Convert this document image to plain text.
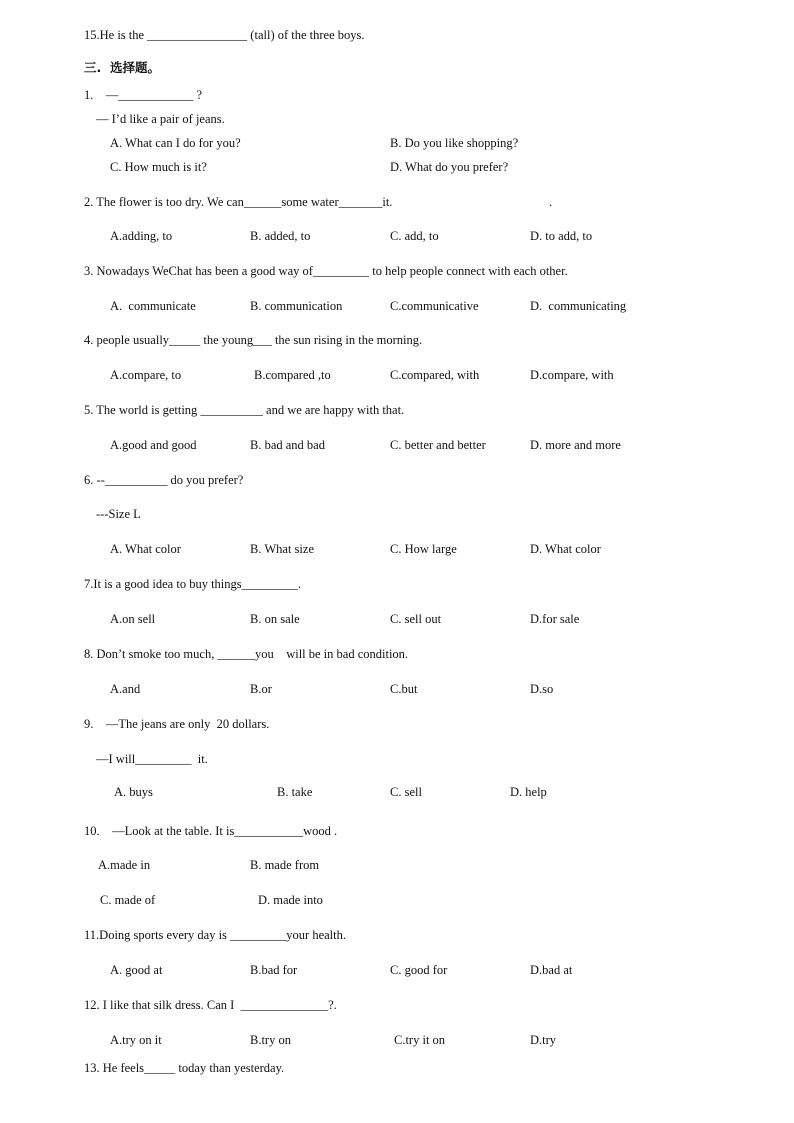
15.He is the ________________ (tall) of the three boys.
三.  选择题。
1.    —____________ ?
— I’d like a pair of jeans.
A. What can I do for you?	B. Do you like shopping?
C. How much is it?	D. What do you prefer?
2. The flower is too dry. We can______some water_______it.	.
A.adding, to	B. added, to	C. add, to	D. to add, to
3. Nowadays WeChat has been a good way of_________ to help people connect with each other.
A.  communicate	B. communication	C.communicative	D.  communicating
4. people usually_____ the young___ the sun rising in the morning.
A.compare, to	B.compared ,to	C.compared, with	D.compare, with
5. The world is getting __________ and we are happy with that.
A.good and good	B. bad and bad	C. better and better	D. more and more
6. --__________ do you prefer?
---Size L
A. What color	B. What size	C. How large	D. What color
7.It is a good idea to buy things_________.
A.on sell	B. on sale	C. sell out	D.for sale
8. Don’t smoke too much, ______you    will be in bad condition.
A.and	B.or	C.but	D.so
9.    —The jeans are only  20 dollars.
—I will_________  it.
A. buys	B. take	C. sell	D. help
10.    —Look at the table. It is___________wood .
A.made in	B. made from
C. made of	D. made into
11.Doing sports every day is _________your health.
A. good at	B.bad for	C. good for	D.bad at
12. I like that silk dress. Can I  ______________?.
A.try on it	B.try on	C.try it on	D.try
13. He feels_____ today than yesterday.
